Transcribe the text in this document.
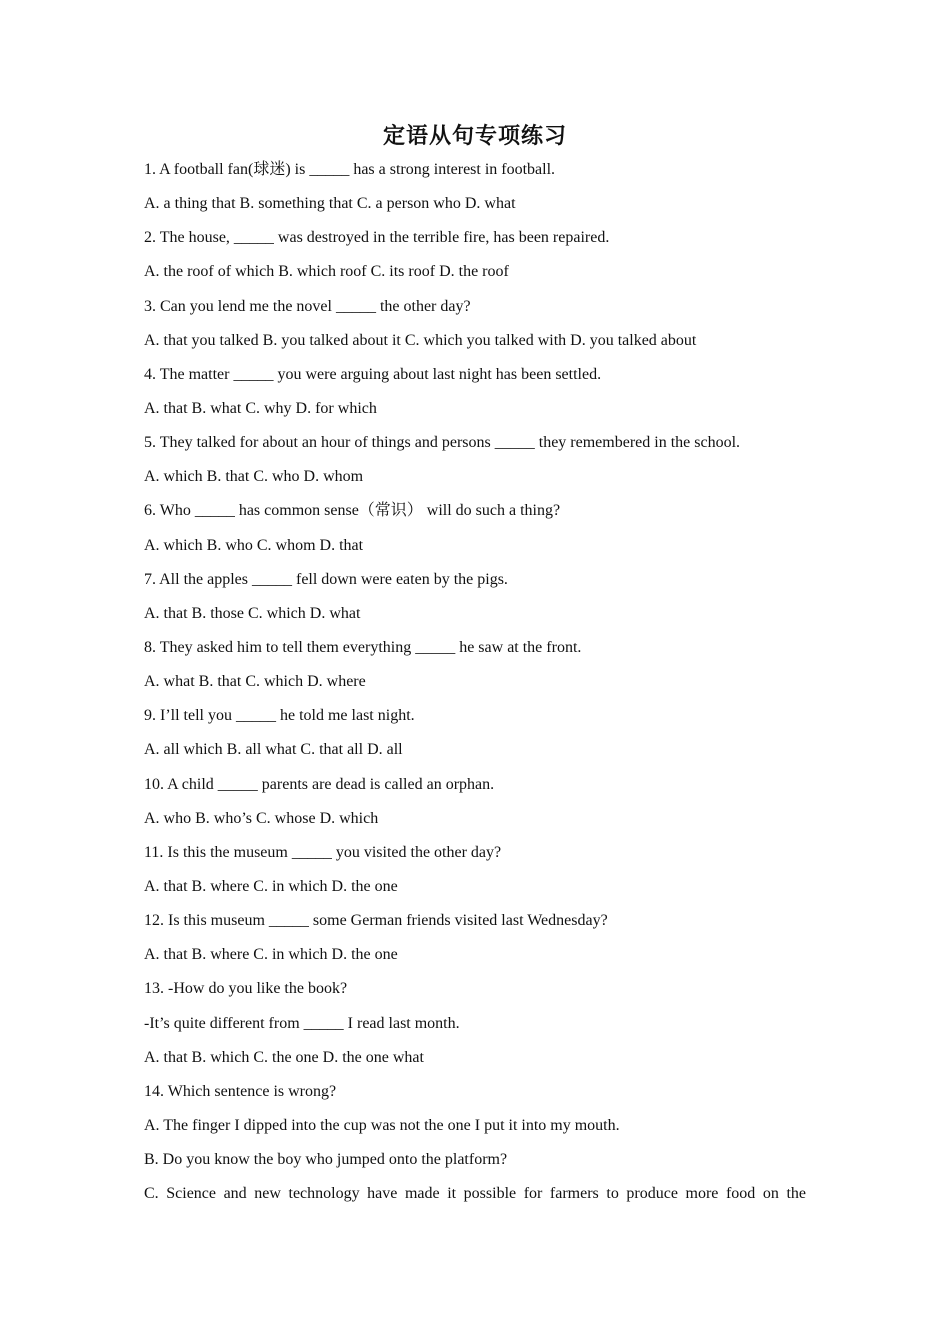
定语从句专项练习
1. A football fan(球迷) is _____ has a strong interest in football.
A. a thing that B. something that C. a person who D. what
2. The house, _____ was destroyed in the terrible fire, has been repaired.
A. the roof of which B. which roof C. its roof D. the roof
3. Can you lend me the novel _____ the other day?
A. that you talked B. you talked about it C. which you talked with D. you talked about
4. The matter _____ you were arguing about last night has been settled.
A. that B. what C. why D. for which
5. They talked for about an hour of things and persons _____ they remembered in the school.
A. which B. that C. who D. whom
6. Who _____ has common sense（常识） will do such a thing?
A. which B. who C. whom D. that
7. All the apples _____ fell down were eaten by the pigs.
A. that B. those C. which D. what
8. They asked him to tell them everything _____ he saw at the front.
A. what B. that C. which D. where
9. I’ll tell you _____ he told me last night.
A. all which B. all what C. that all D. all
10. A child _____ parents are dead is called an orphan.
A. who B. who’s C. whose D. which
11. Is this the museum _____ you visited the other day?
A. that B. where C. in which D. the one
12. Is this museum _____ some German friends visited last Wednesday?
A. that B. where C. in which D. the one
13. -How do you like the book?
-It’s quite different from _____ I read last month.
A. that B. which C. the one D. the one what
14. Which sentence is wrong?
A. The finger I dipped into the cup was not the one I put it into my mouth.
B. Do you know the boy who jumped onto the platform?
C. Science and new technology have made it possible for farmers to produce more food on the
